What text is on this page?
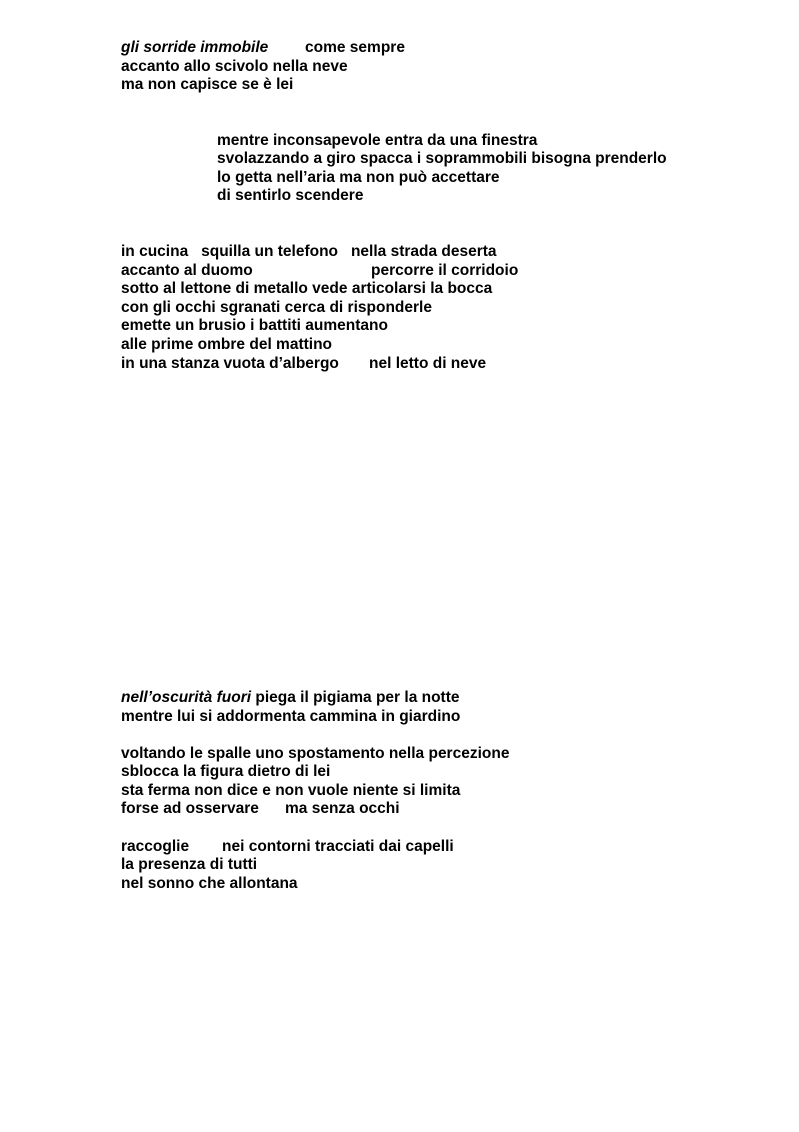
gli sorride immobile

come sempre

accanto allo scivolo nella neve
ma non capisce se è lei
mentre inconsapevole entra da una finestra
svolazzando a giro spacca i soprammobili bisogna prenderlo
lo getta nell’aria ma non può accettare
di sentirlo scendere
in cucina   squilla un telefono   nella strada deserta

accanto al duomo

	percorre il corridoio

sotto al lettone di metallo vede articolarsi la bocca
con gli occhi sgranati cerca di risponderle
emette un brusio i battiti aumentano
alle prime ombre del mattino

in una stanza vuota d’albergo

nel letto di neve

nell’oscurità fuori piega il pigiama per la notte
mentre lui si addormenta cammina in giardino
voltando le spalle uno spostamento nella percezione
sblocca la figura dietro di lei
sta ferma non dice e non vuole niente si limita

forse ad osservare

ma senza occhi

raccoglie

nei contorni tracciati dai capelli

la presenza di tutti
nel sonno che allontana
